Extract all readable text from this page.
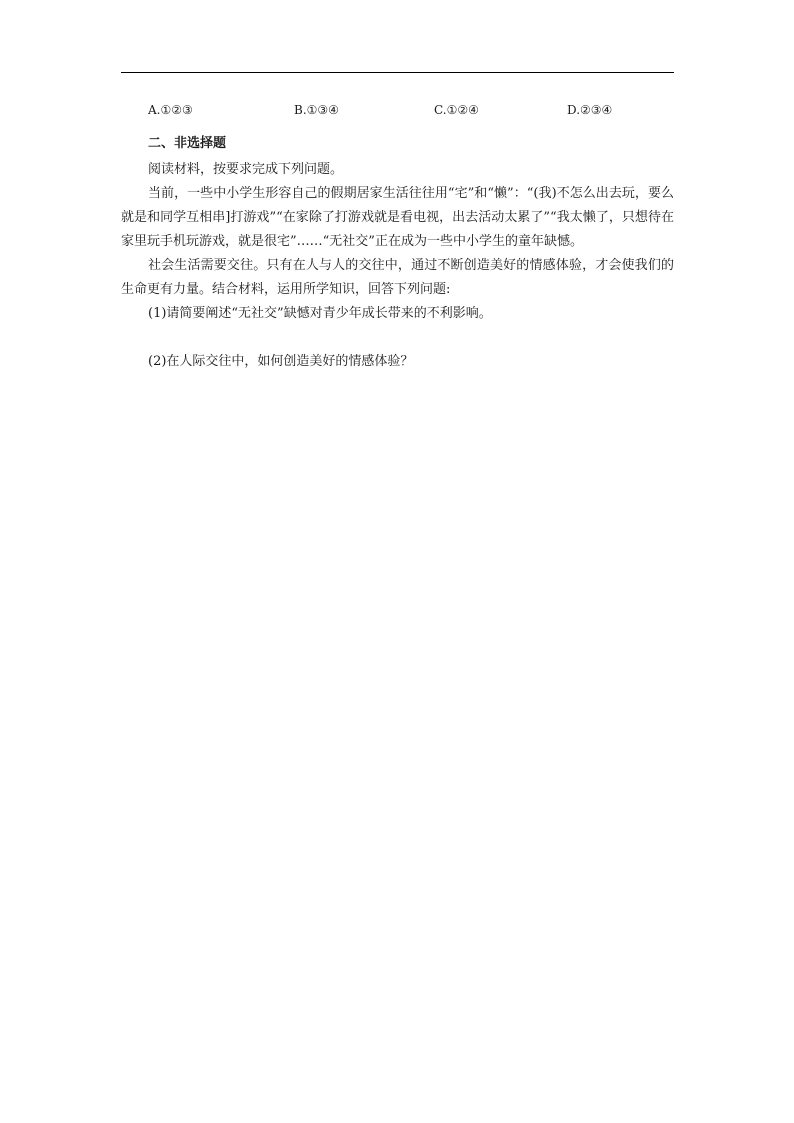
A.①②③	B.①③④	C.①②④	D.②③④
二、非选择题

阅读材料，按要求完成下列问题。

当前，一些中小学生形容自己的假期居家生活往往用“宅”和“懒”：“(我)不怎么出去玩，要么就是和同学互相串]打游戏”“在家除了打游戏就是看电视，出去活动太累了”“我太懒了，只想待在家里玩手机玩游戏，就是很宅”……“无社交”正在成为一些中小学生的童年缺憾。

社会生活需要交往。只有在人与人的交往中，通过不断创造美好的情感体验，才会使我们的生命更有力量。结合材料，运用所学知识，回答下列问题:

(1)请简要阐述“无社交”缺憾对青少年成长带来的不利影响。

(2)在人际交往中，如何创造美好的情感体验？
